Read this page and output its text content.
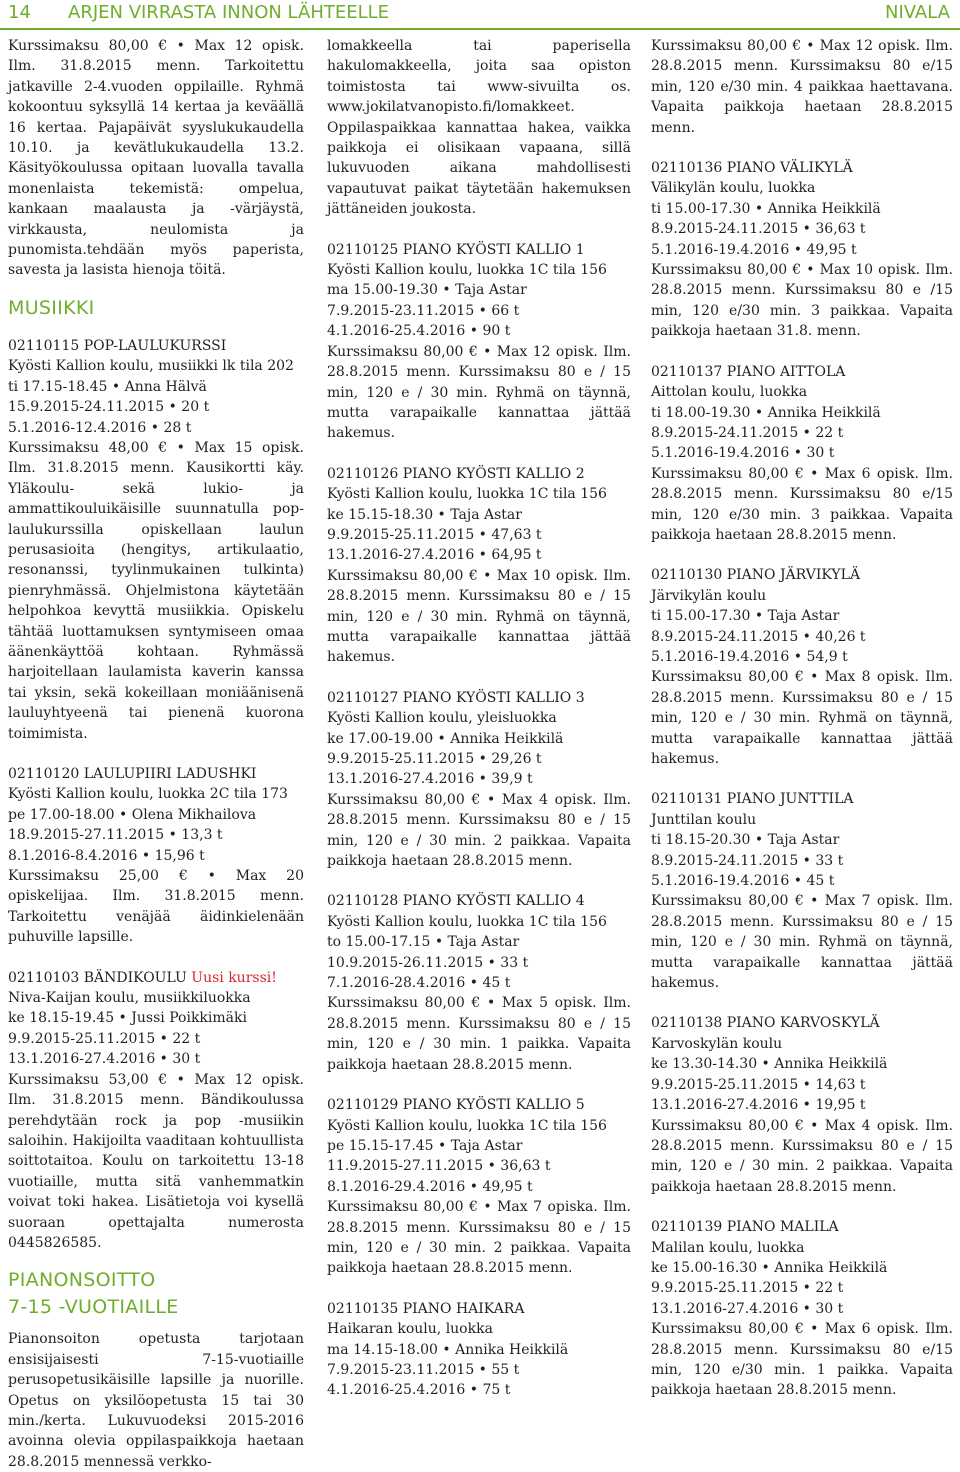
14 ARJEN VIRRASTA INNON LÄHTEELLE	NIVALA

Kurssimaksu 80,00 € • Max 12 opisk. Ilm. 31.8.2015 menn. Tarkoitettu jatkaville 2-4.vuoden oppilaille. Ryhmä kokoontuu syksyllä 14 kertaa ja keväällä 16 kertaa. Pajapäivät syyslukukaudella 10.10. ja kevätlukukaudella 13.2. Käsityökoulussa opitaan luovalla tavalla monenlaista tekemistä: ompelua, kankaan maalausta ja -värjäystä, virkkausta, neulomista ja punomista.tehdään myös paperista, savesta ja lasista hienoja töitä.

MUSIIKKI
02110115 POP-LAULUKURSSI
Kyösti Kallion koulu, musiikki lk tila 202
ti 17.15-18.45 • Anna Hälvä
15.9.2015-24.11.2015 • 20 t
5.1.2016-12.4.2016 • 28 t

Kurssimaksu 48,00 € • Max 15 opisk. Ilm. 31.8.2015 menn. Kausikortti käy. Yläkoulu- sekä lukio- ja ammattikouluikäisille suunnatulla pop-laulukurssilla opiskellaan laulun perusasioita (hengitys, artikulaatio, resonanssi, tyylinmukainen tulkinta) pienryhmässä. Ohjelmistona käytetään helpohkoa kevyttä musiikkia. Opiskelu tähtää luottamuksen syntymiseen omaa äänenkäyttöä kohtaan. Ryhmässä harjoitellaan laulamista kaverin kanssa tai yksin, sekä kokeillaan moniäänisenä lauluyhtyeenä tai pienenä kuorona toimimista.

02110120 LAULUPIIRI LADUSHKI
Kyösti Kallion koulu, luokka 2C tila 173
pe 17.00-18.00 • Olena Mikhailova
18.9.2015-27.11.2015 • 13,3 t
8.1.2016-8.4.2016 • 15,96 t

Kurssimaksu 25,00 € • Max 20 opiskelijaa. Ilm. 31.8.2015 menn. Tarkoitettu venäjää äidinkielenään puhuville lapsille.

02110103 BÄNDIKOULU Uusi kurssi!
Niva-Kaijan koulu, musiikkiluokka
ke 18.15-19.45 • Jussi Poikkimäki
9.9.2015-25.11.2015 • 22 t
13.1.2016-27.4.2016 • 30 t

Kurssimaksu 53,00 € • Max 12 opisk. Ilm. 31.8.2015 menn. Bändikoulussa perehdytään rock ja pop -musiikin saloihin. Hakijoilta vaaditaan kohtuullista soittotaitoa. Koulu on tarkoitettu 13-18 vuotiaille, mutta sitä vanhemmatkin voivat toki hakea. Lisätietoja voi kysellä suoraan opettajalta numerosta 0445826585.

PIANONSOITTO
7-15 -VUOTIAILLE

Pianonsoiton opetusta tarjotaan ensisijaisesti 7-15-vuotiaille perusopetusikäisille lapsille ja nuorille. Opetus on yksilöopetusta 15 tai 30 min./kerta. Lukuvuodeksi 2015-2016 avoinna olevia oppilaspaikkoja haetaan 28.8.2015 mennessä verkko-

lomakkeella tai paperisella hakulomakkeella, joita saa opiston toimistosta tai www-sivuilta os. www.jokilatvanopisto.fi/lomakkeet. Oppilaspaikkaa kannattaa hakea, vaikka paikkoja ei olisikaan vapaana, sillä lukuvuoden aikana mahdollisesti vapautuvat paikat täytetään hakemuksen jättäneiden joukosta.

02110125 PIANO KYÖSTI KALLIO 1
Kyösti Kallion koulu, luokka 1C tila 156
ma 15.00-19.30 • Taja Astar
7.9.2015-23.11.2015 • 66 t
4.1.2016-25.4.2016 • 90 t

Kurssimaksu 80,00 € • Max 12 opisk. Ilm. 28.8.2015 menn. Kurssimaksu 80 e / 15 min, 120 e / 30 min. Ryhmä on täynnä, mutta varapaikalle kannattaa jättää hakemus.

02110126 PIANO KYÖSTI KALLIO 2
Kyösti Kallion koulu, luokka 1C tila 156
ke 15.15-18.30 • Taja Astar
9.9.2015-25.11.2015 • 47,63 t
13.1.2016-27.4.2016 • 64,95 t

Kurssimaksu 80,00 € • Max 10 opisk. Ilm. 28.8.2015 menn. Kurssimaksu 80 e / 15 min, 120 e / 30 min. Ryhmä on täynnä, mutta varapaikalle kannattaa jättää hakemus.

02110127 PIANO KYÖSTI KALLIO 3
Kyösti Kallion koulu, yleisluokka
ke 17.00-19.00 • Annika Heikkilä
9.9.2015-25.11.2015 • 29,26 t
13.1.2016-27.4.2016 • 39,9 t

Kurssimaksu 80,00 € • Max 4 opisk. Ilm. 28.8.2015 menn. Kurssimaksu 80 e / 15 min, 120 e / 30 min. 2 paikkaa. Vapaita paikkoja haetaan 28.8.2015 menn.

02110128 PIANO KYÖSTI KALLIO 4
Kyösti Kallion koulu, luokka 1C tila 156
to 15.00-17.15 • Taja Astar
10.9.2015-26.11.2015 • 33 t
7.1.2016-28.4.2016 • 45 t

Kurssimaksu 80,00 € • Max 5 opisk. Ilm. 28.8.2015 menn. Kurssimaksu 80 e / 15 min, 120 e / 30 min. 1 paikka. Vapaita paikkoja haetaan 28.8.2015 menn.

02110129 PIANO KYÖSTI KALLIO 5
Kyösti Kallion koulu, luokka 1C tila 156
pe 15.15-17.45 • Taja Astar
11.9.2015-27.11.2015 • 36,63 t
8.1.2016-29.4.2016 • 49,95 t

Kurssimaksu 80,00 € • Max 7 opiska. Ilm. 28.8.2015 menn. Kurssimaksu 80 e / 15 min, 120 e / 30 min. 2 paikkaa. Vapaita paikkoja haetaan 28.8.2015 menn.

02110135 PIANO HAIKARA
Haikaran koulu, luokka
ma 14.15-18.00 • Annika Heikkilä
7.9.2015-23.11.2015 • 55 t
4.1.2016-25.4.2016 • 75 t

Kurssimaksu 80,00 € • Max 12 opisk. Ilm. 28.8.2015 menn. Kurssimaksu 80 e/15 min, 120 e/30 min. 4 paikkaa haettavana. Vapaita paikkoja haetaan 28.8.2015 menn.

02110136 PIANO VÄLIKYLÄ
Välikylän koulu, luokka
ti 15.00-17.30 • Annika Heikkilä
8.9.2015-24.11.2015 • 36,63 t
5.1.2016-19.4.2016 • 49,95 t

Kurssimaksu 80,00 € • Max 10 opisk. Ilm. 28.8.2015 menn. Kurssimaksu 80 e /15 min, 120 e/30 min. 3 paikkaa. Vapaita paikkoja haetaan 31.8. menn.

02110137 PIANO AITTOLA
Aittolan koulu, luokka
ti 18.00-19.30 • Annika Heikkilä
8.9.2015-24.11.2015 • 22 t
5.1.2016-19.4.2016 • 30 t

Kurssimaksu 80,00 € • Max 6 opisk. Ilm. 28.8.2015 menn. Kurssimaksu 80 e/15 min, 120 e/30 min. 3 paikkaa. Vapaita paikkoja haetaan 28.8.2015 menn.

02110130 PIANO JÄRVIKYLÄ
Järvikylän koulu
ti 15.00-17.30 • Taja Astar
8.9.2015-24.11.2015 • 40,26 t
5.1.2016-19.4.2016 • 54,9 t

Kurssimaksu 80,00 € • Max 8 opisk. Ilm. 28.8.2015 menn. Kurssimaksu 80 e / 15 min, 120 e / 30 min. Ryhmä on täynnä, mutta varapaikalle kannattaa jättää hakemus.

02110131 PIANO JUNTTILA
Junttilan koulu
ti 18.15-20.30 • Taja Astar
8.9.2015-24.11.2015 • 33 t
5.1.2016-19.4.2016 • 45 t

Kurssimaksu 80,00 € • Max 7 opisk. Ilm. 28.8.2015 menn. Kurssimaksu 80 e / 15 min, 120 e / 30 min. Ryhmä on täynnä, mutta varapaikalle kannattaa jättää hakemus.

02110138 PIANO KARVOSKYLÄ
Karvoskylän koulu
ke 13.30-14.30 • Annika Heikkilä
9.9.2015-25.11.2015 • 14,63 t
13.1.2016-27.4.2016 • 19,95 t

Kurssimaksu 80,00 € • Max 4 opisk. Ilm. 28.8.2015 menn. Kurssimaksu 80 e / 15 min, 120 e / 30 min. 2 paikkaa. Vapaita paikkoja haetaan 28.8.2015 menn.

02110139 PIANO MALILA
Malilan koulu, luokka
ke 15.00-16.30 • Annika Heikkilä
9.9.2015-25.11.2015 • 22 t
13.1.2016-27.4.2016 • 30 t

Kurssimaksu 80,00 € • Max 6 opisk. Ilm. 28.8.2015 menn. Kurssimaksu 80 e/15 min, 120 e/30 min. 1 paikka. Vapaita paikkoja haetaan 28.8.2015 menn.
